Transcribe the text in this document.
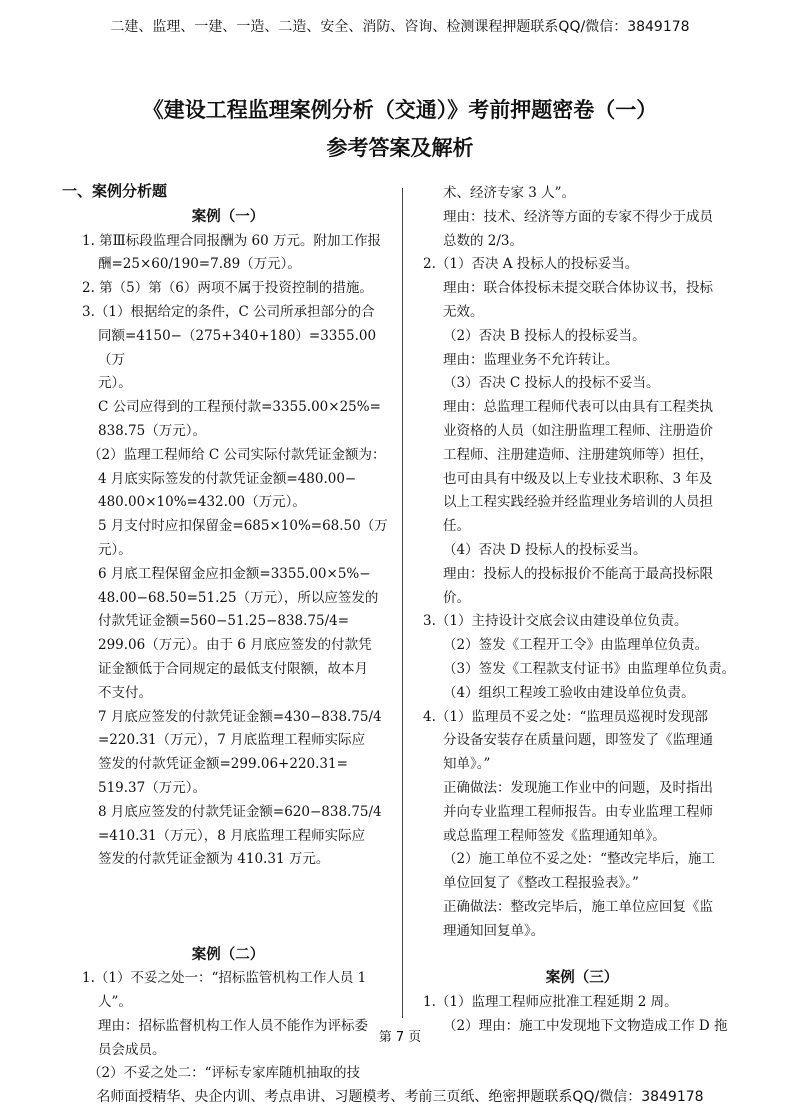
二建、监理、一建、一造、二造、安全、消防、咨询、检测课程押题联系QQ/微信：3849178
《建设工程监理案例分析（交通）》考前押题密卷（一）
参考答案及解析

一、案例分析题

案例（一）

1. 第Ⅲ标段监理合同报酬为 60 万元。附加工作报

酬=25×60/190=7.89（万元）。

2. 第（5）第（6）两项不属于投资控制的措施。

3.（1）根据给定的条件，C 公司所承担部分的合

同额=4150−（275+340+180）=3355.00（万

元）。

C 公司应得到的工程预付款=3355.00×25%=

838.75（万元）。

（2）监理工程师给 C 公司实际付款凭证金额为：

4 月底实际签发的付款凭证金额=480.00−

480.00×10%=432.00（万元）。

5 月支付时应扣保留金=685×10%=68.50（万

元）。

6 月底工程保留金应扣金额=3355.00×5%−

48.00−68.50=51.25（万元），所以应签发的

付款凭证金额=560−51.25−838.75/4=

299.06（万元）。由于 6 月底应签发的付款凭

证金额低于合同规定的最低支付限额，故本月

不支付。

7 月底应签发的付款凭证金额=430−838.75/4

=220.31（万元），7 月底监理工程师实际应

签发的付款凭证金额=299.06+220.31=

519.37（万元）。

8 月底应签发的付款凭证金额=620−838.75/4

=410.31（万元），8 月底监理工程师实际应

签发的付款凭证金额为 410.31 万元。

案例（二）

1.（1）不妥之处一：“招标监管机构工作人员 1

人”。

理由：招标监督机构工作人员不能作为评标委

员会成员。

（2）不妥之处二：“评标专家库随机抽取的技

术、经济专家 3 人”。

理由：技术、经济等方面的专家不得少于成员

总数的 2/3。

2.（1）否决 A 投标人的投标妥当。

理由：联合体投标未提交联合体协议书，投标

无效。

（2）否决 B 投标人的投标妥当。

理由：监理业务不允许转让。

（3）否决 C 投标人的投标不妥当。

理由：总监理工程师代表可以由具有工程类执

业资格的人员（如注册监理工程师、注册造价

工程师、注册建造师、注册建筑师等）担任，

也可由具有中级及以上专业技术职称、3 年及

以上工程实践经验并经监理业务培训的人员担

任。

（4）否决 D 投标人的投标妥当。

理由：投标人的投标报价不能高于最高投标限

价。

3.（1）主持设计交底会议由建设单位负责。

（2）签发《工程开工令》由监理单位负责。

（3）签发《工程款支付证书》由监理单位负责。

（4）组织工程竣工验收由建设单位负责。

4.（1）监理员不妥之处：“监理员巡视时发现部

分设备安装存在质量问题，即签发了《监理通

知单》。”

正确做法：发现施工作业中的问题，及时指出

并向专业监理工程师报告。由专业监理工程师

或总监理工程师签发《监理通知单》。

（2）施工单位不妥之处：“整改完毕后，施工

单位回复了《整改工程报验表》。”

正确做法：整改完毕后，施工单位应回复《监

理通知回复单》。

案例（三）

1.（1）监理工程师应批准工程延期 2 周。

（2）理由：施工中发现地下文物造成工作 D 拖

第 7 页
名师面授精华、央企内训、考点串讲、习题模考、考前三页纸、绝密押题联系QQ/微信：3849178
